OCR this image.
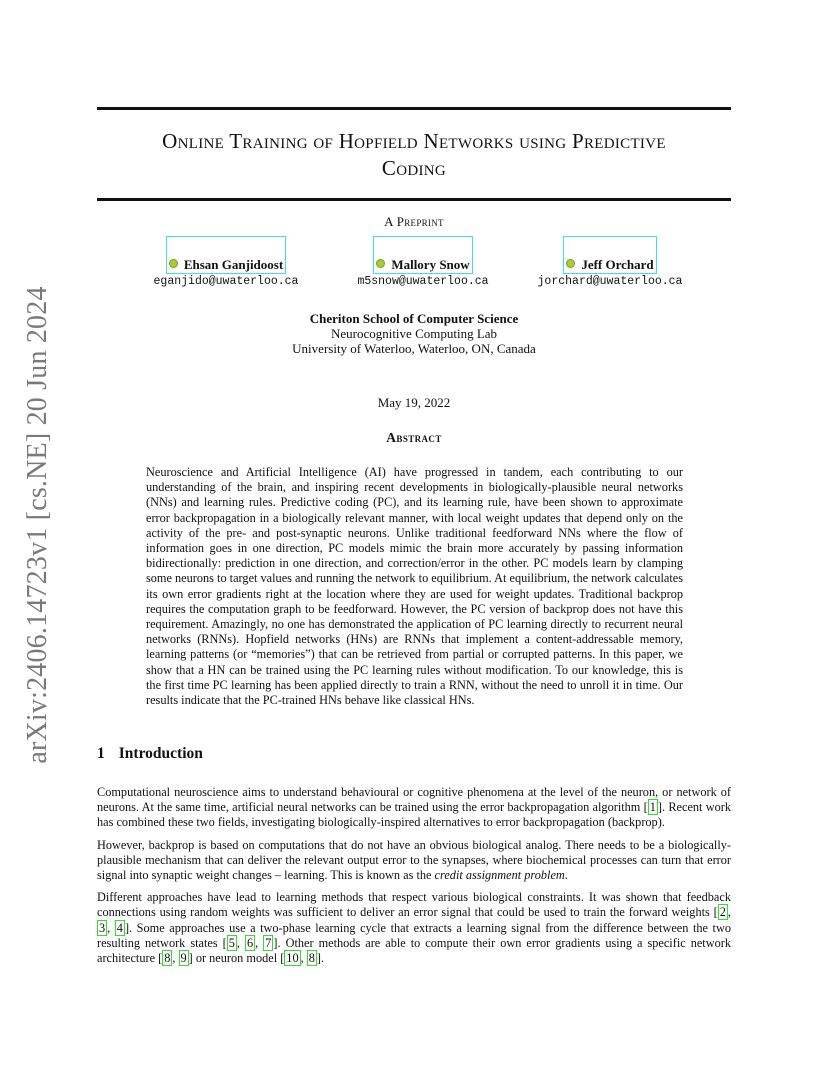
arXiv:2406.14723v1 [cs.NE] 20 Jun 2024
Online Training of Hopfield Networks using Predictive
Coding
A Preprint
Ehsan Ganjidoost
eganjido@uwaterloo.ca
Mallory Snow
m5snow@uwaterloo.ca
Jeff Orchard
jorchard@uwaterloo.ca
Cheriton School of Computer Science
Neurocognitive Computing Lab
University of Waterloo, Waterloo, ON, Canada
May 19, 2022
Abstract

Neuroscience and Artificial Intelligence (AI) have progressed in tandem, each contributing to our understanding of the brain, and inspiring recent developments in biologically-plausible neural networks (NNs) and learning rules. Predictive coding (PC), and its learning rule, have been shown to approximate error backpropagation in a biologically relevant manner, with local weight updates that depend only on the activity of the pre- and post-synaptic neurons. Unlike traditional feedforward NNs where the flow of information goes in one direction, PC models mimic the brain more accurately by passing information bidirectionally: prediction in one direction, and correction/error in the other. PC models learn by clamping some neurons to target values and running the network to equilibrium. At equilibrium, the network calculates its own error gradients right at the location where they are used for weight updates. Traditional backprop requires the computation graph to be feedforward. However, the PC version of backprop does not have this requirement. Amazingly, no one has demonstrated the application of PC learning directly to recurrent neural networks (RNNs). Hopfield networks (HNs) are RNNs that implement a content-addressable memory, learning patterns (or “memories”) that can be retrieved from partial or corrupted patterns. In this paper, we show that a HN can be trained using the PC learning rules without modification. To our knowledge, this is the first time PC learning has been applied directly to train a RNN, without the need to unroll it in time. Our results indicate that the PC-trained HNs behave like classical HNs.

1 Introduction

Computational neuroscience aims to understand behavioural or cognitive phenomena at the level of the neuron, or network of neurons. At the same time, artificial neural networks can be trained using the error backpropagation algorithm [ 1 ]. Recent work has combined these two fields, investigating biologically-inspired alternatives to error backpropagation (backprop).

However, backprop is based on computations that do not have an obvious biological analog. There needs to be a biologically-plausible mechanism that can deliver the relevant output error to the synapses, where biochemical processes can turn that error signal into synaptic weight changes – learning. This is known as the credit assignment problem.

Different approaches have lead to learning methods that respect various biological constraints. It was shown that feedback connections using random weights was sufficient to deliver an error signal that could be used to train the forward weights [ 2 , 3 , 4 ]. Some approaches use a two-phase learning cycle that extracts a learning signal from the difference between the two resulting network states [ 5 , 6 , 7 ]. Other methods are able to compute their own error gradients using a specific network architecture [ 8 , 9 ] or neuron model [ 10 , 8 ].
